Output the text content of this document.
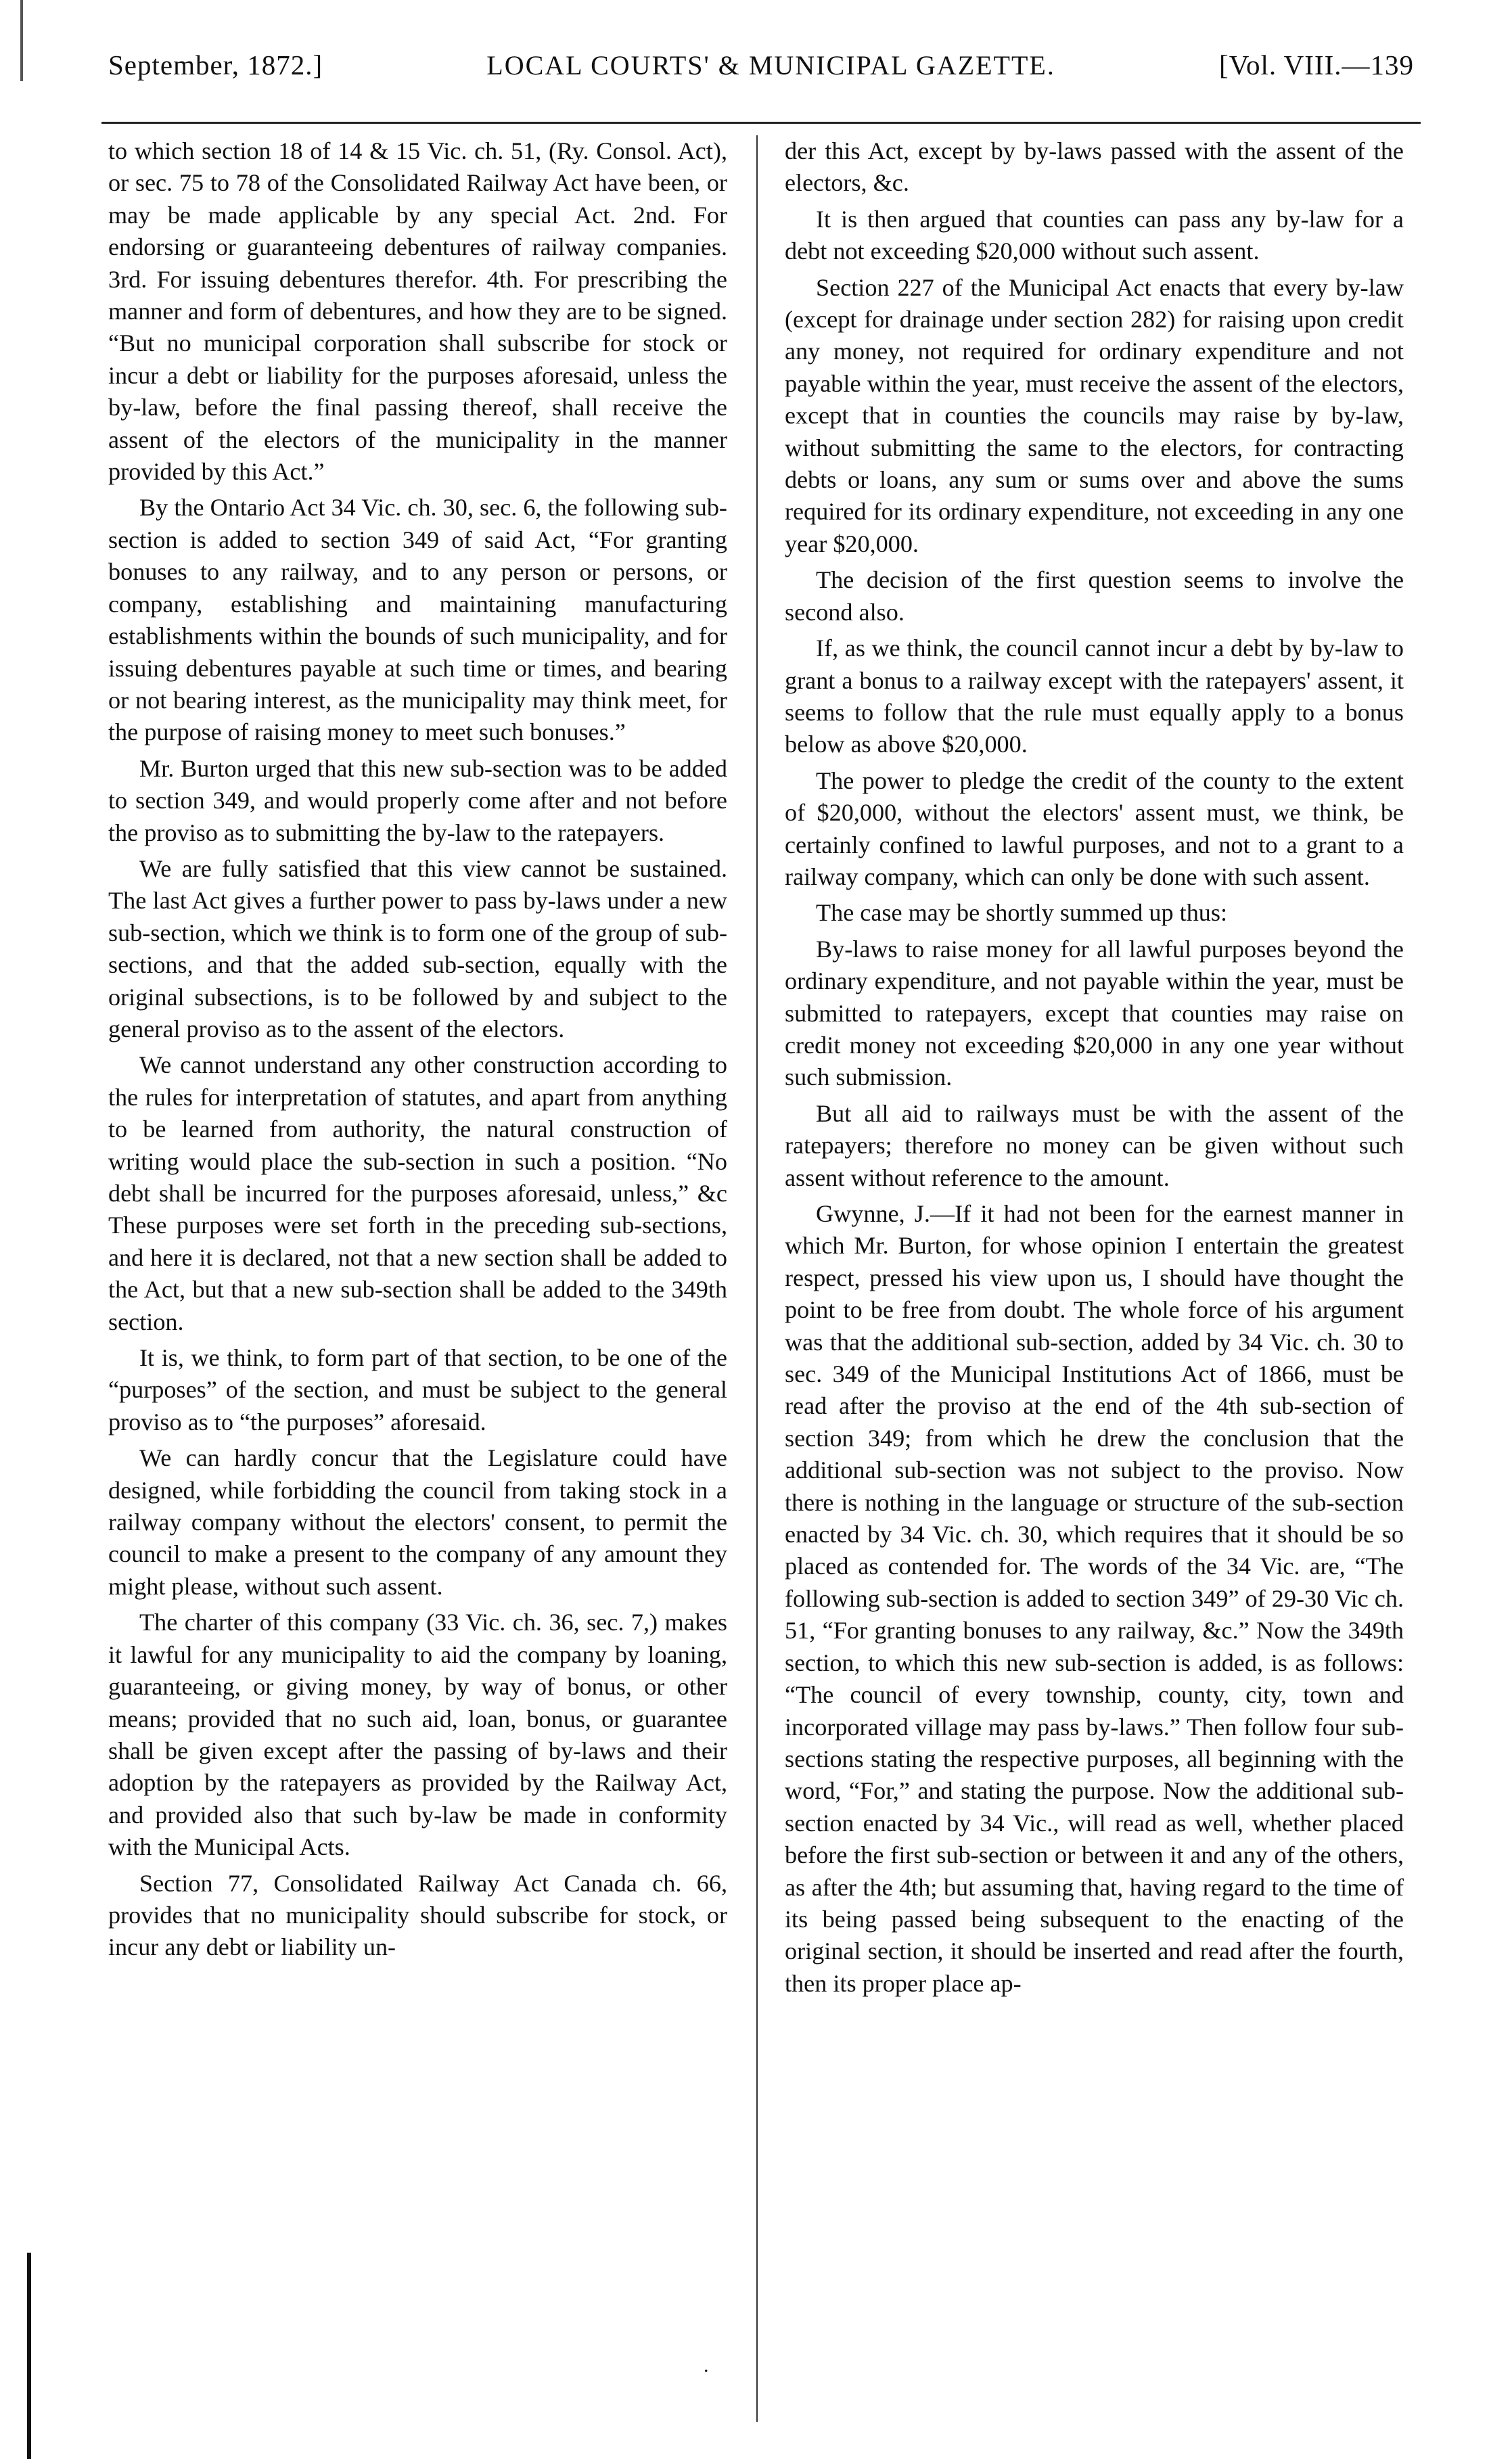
September, 1872.]	LOCAL COURTS' & MUNICIPAL GAZETTE.	[Vol. VIII.—139

to which section 18 of 14 & 15 Vic. ch. 51, (Ry. Consol. Act), or sec. 75 to 78 of the Consolidated Railway Act have been, or may be made applicable by any special Act. 2nd. For endorsing or guaranteeing debentures of railway companies. 3rd. For issuing debentures therefor. 4th. For prescribing the manner and form of debentures, and how they are to be signed. “But no municipal corporation shall subscribe for stock or incur a debt or liability for the purposes aforesaid, unless the by-law, before the final passing thereof, shall receive the assent of the electors of the municipality in the manner provided by this Act.”

By the Ontario Act 34 Vic. ch. 30, sec. 6, the following sub-section is added to section 349 of said Act, “For granting bonuses to any railway, and to any person or persons, or company, establishing and maintaining manufacturing establishments within the bounds of such municipality, and for issuing debentures payable at such time or times, and bearing or not bearing interest, as the municipality may think meet, for the purpose of raising money to meet such bonuses.”

Mr. Burton urged that this new sub-section was to be added to section 349, and would properly come after and not before the proviso as to submitting the by-law to the ratepayers.

We are fully satisfied that this view cannot be sustained. The last Act gives a further power to pass by-laws under a new sub-section, which we think is to form one of the group of sub-sections, and that the added sub-section, equally with the original subsections, is to be followed by and subject to the general proviso as to the assent of the electors.

We cannot understand any other construction according to the rules for interpretation of statutes, and apart from anything to be learned from authority, the natural construction of writing would place the sub-section in such a position. “No debt shall be incurred for the purposes aforesaid, unless,” &c These purposes were set forth in the preceding sub-sections, and here it is declared, not that a new section shall be added to the Act, but that a new sub-section shall be added to the 349th section.

It is, we think, to form part of that section, to be one of the “purposes” of the section, and must be subject to the general proviso as to “the purposes” aforesaid.

We can hardly concur that the Legislature could have designed, while forbidding the council from taking stock in a railway company without the electors' consent, to permit the council to make a present to the company of any amount they might please, without such assent.

The charter of this company (33 Vic. ch. 36, sec. 7,) makes it lawful for any municipality to aid the company by loaning, guaranteeing, or giving money, by way of bonus, or other means; provided that no such aid, loan, bonus, or guarantee shall be given except after the passing of by-laws and their adoption by the ratepayers as provided by the Railway Act, and provided also that such by-law be made in conformity with the Municipal Acts.

Section 77, Consolidated Railway Act Canada ch. 66, provides that no municipality should subscribe for stock, or incur any debt or liability un-

der this Act, except by by-laws passed with the assent of the electors, &c.

It is then argued that counties can pass any by-law for a debt not exceeding $20,000 without such assent.

Section 227 of the Municipal Act enacts that every by-law (except for drainage under section 282) for raising upon credit any money, not required for ordinary expenditure and not payable within the year, must receive the assent of the electors, except that in counties the councils may raise by by-law, without submitting the same to the electors, for contracting debts or loans, any sum or sums over and above the sums required for its ordinary expenditure, not exceeding in any one year $20,000.

The decision of the first question seems to involve the second also.

If, as we think, the council cannot incur a debt by by-law to grant a bonus to a railway except with the ratepayers' assent, it seems to follow that the rule must equally apply to a bonus below as above $20,000.

The power to pledge the credit of the county to the extent of $20,000, without the electors' assent must, we think, be certainly confined to lawful purposes, and not to a grant to a railway company, which can only be done with such assent.

The case may be shortly summed up thus:

By-laws to raise money for all lawful purposes beyond the ordinary expenditure, and not payable within the year, must be submitted to ratepayers, except that counties may raise on credit money not exceeding $20,000 in any one year without such submission.

But all aid to railways must be with the assent of the ratepayers; therefore no money can be given without such assent without reference to the amount.

Gwynne, J.—If it had not been for the earnest manner in which Mr. Burton, for whose opinion I entertain the greatest respect, pressed his view upon us, I should have thought the point to be free from doubt. The whole force of his argument was that the additional sub-section, added by 34 Vic. ch. 30 to sec. 349 of the Municipal Institutions Act of 1866, must be read after the proviso at the end of the 4th sub-section of section 349; from which he drew the conclusion that the additional sub-section was not subject to the proviso. Now there is nothing in the language or structure of the sub-section enacted by 34 Vic. ch. 30, which requires that it should be so placed as contended for. The words of the 34 Vic. are, “The following sub-section is added to section 349” of 29-30 Vic ch. 51, “For granting bonuses to any railway, &c.” Now the 349th section, to which this new sub-section is added, is as follows: “The council of every township, county, city, town and incorporated village may pass by-laws.” Then follow four sub-sections stating the respective purposes, all beginning with the word, “For,” and stating the purpose. Now the additional sub-section enacted by 34 Vic., will read as well, whether placed before the first sub-section or between it and any of the others, as after the 4th; but assuming that, having regard to the time of its being passed being subsequent to the enacting of the original section, it should be inserted and read after the fourth, then its proper place ap-

.
